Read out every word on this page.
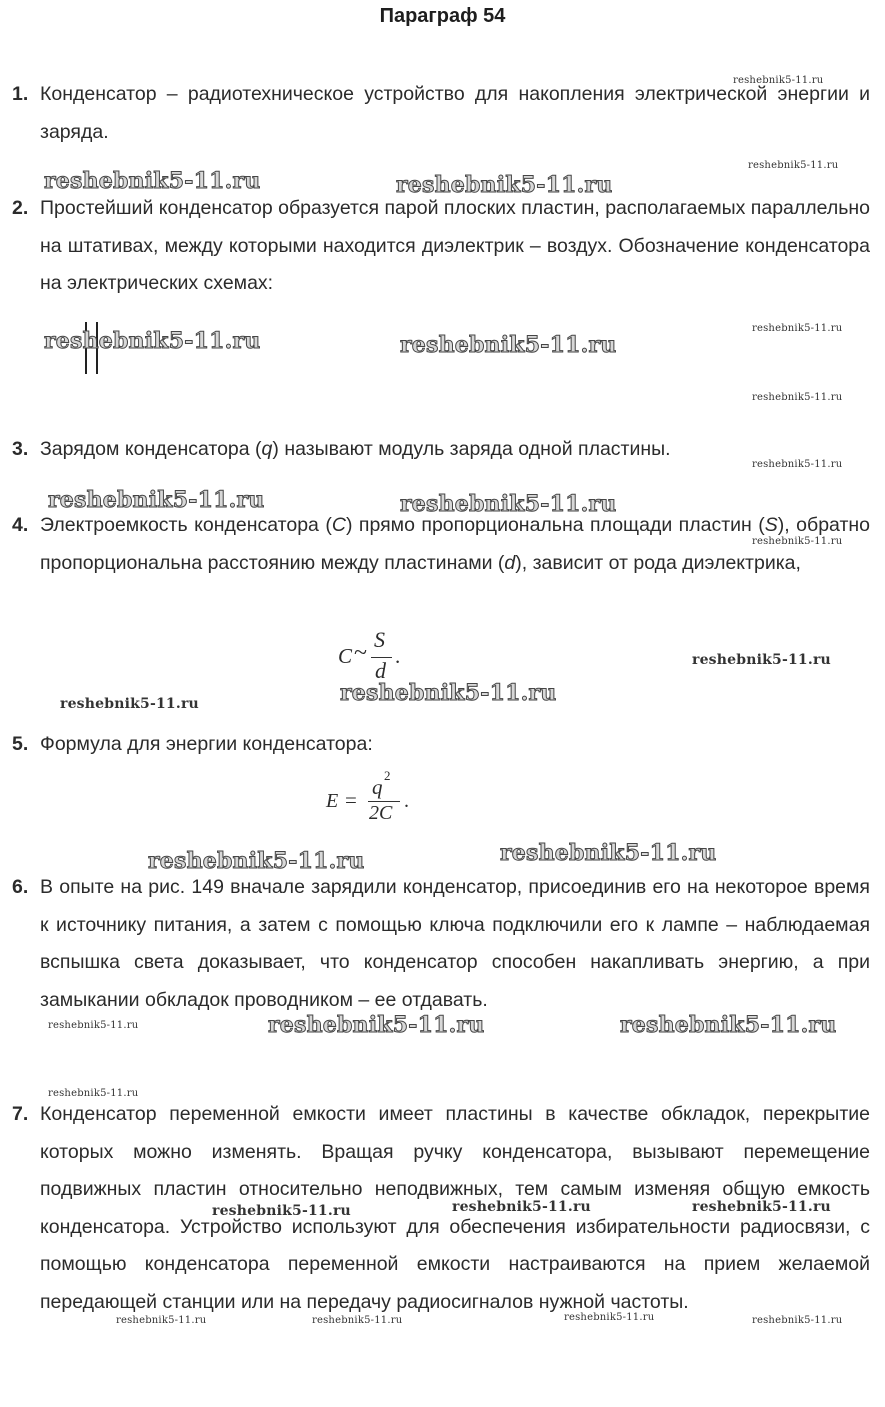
Параграф 54
1. Конденсатор – радиотехническое устройство для накопления электрической энергии и заряда.
2. Простейший конденсатор образуется парой плоских пластин, располагаемых параллельно на штативах, между которыми находится диэлектрик – воздух. Обозначение конденсатора на электрических схемах:
3. Зарядом конденсатора (q) называют модуль заряда одной пластины.
4. Электроемкость конденсатора (C) прямо пропорциональна площади пластин (S), обратно пропорциональна расстоянию между пластинами (d), зависит от рода диэлектрика,
C ~
S
d
.
5. Формула для энергии конденсатора:
E =
q 2
2C
.
6. В опыте на рис. 149 вначале зарядили конденсатор, присоединив его на некоторое время к источнику питания, а затем с помощью ключа подключили его к лампе – наблюдаемая вспышка света доказывает, что конденсатор способен накапливать энергию, а при замыкании обкладок проводником – ее отдавать.
7. Конденсатор переменной емкости имеет пластины в качестве обкладок, перекрытие которых можно изменять. Вращая ручку конденсатора, вызывают перемещение подвижных пластин относительно неподвижных, тем самым изменяя общую емкость конденсатора. Устройство используют для обеспечения избирательности радиосвязи, с помощью конденсатора переменной емкости настраиваются на прием желаемой передающей станции или на передачу радиосигналов нужной частоты.
reshebnik5-11.ru
reshebnik5-11.ru
reshebnik5-11.ru	reshebnik5-11.ru
reshebnik5-11.ru	reshebnik5-11.ru
reshebnik5-11.ru
reshebnik5-11.ru
reshebnik5-11.ru
reshebnik5-11.ru	reshebnik5-11.ru
reshebnik5-11.ru
reshebnik5-11.ru
reshebnik5-11.ru
reshebnik5-11.ru
reshebnik5-11.ru	reshebnik5-11.ru
reshebnik5-11.ru	reshebnik5-11.ru	reshebnik5-11.ru
reshebnik5-11.ru
reshebnik5-11.ru	reshebnik5-11.ru	reshebnik5-11.ru
reshebnik5-11.ru	reshebnik5-11.ru	reshebnik5-11.ru	reshebnik5-11.ru
